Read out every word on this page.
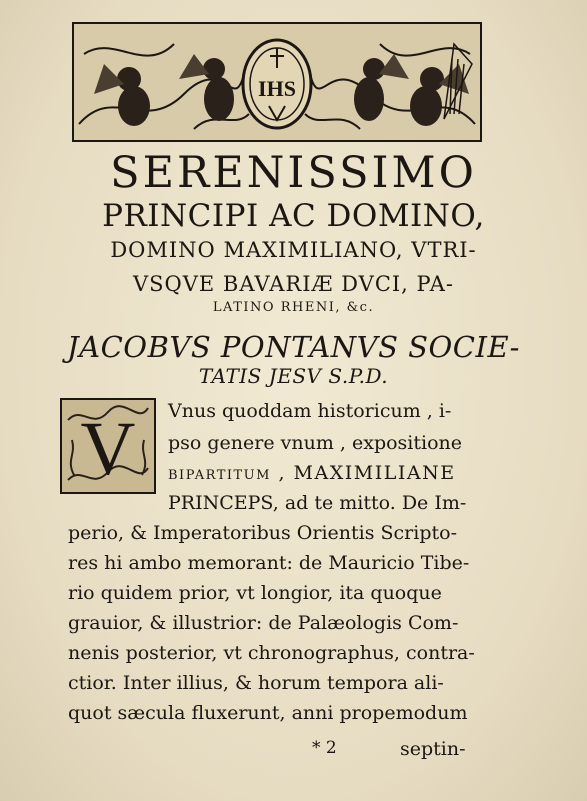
IHS
SERENISSIMO
PRINCIPI AC DOMINO,
DOMINO MAXIMILIANO, VTRI-
VSQVE BAVARIÆ DVCI, PA-
LATINO RHENI, &c.
JACOBVS PONTANVS SOCIE-
TATIS JESV S.P.D.
V Vnus quoddam historicum , i-
pso genere vnum , expositione
bipartitum , MAXIMILIANE
PRINCEPS, ad te mitto. De Im-
perio, & Imperatoribus Orientis Scripto-
res hi ambo memorant: de Mauricio Tibe-
rio quidem prior, vt longior, ita quoque
grauior, & illustrior: de Palæologis Com-
nenis posterior, vt chronographus, contra-
ctior. Inter illius, & horum tempora ali-
quot sæcula fluxerunt, anni propemodum
* 2	septin-
